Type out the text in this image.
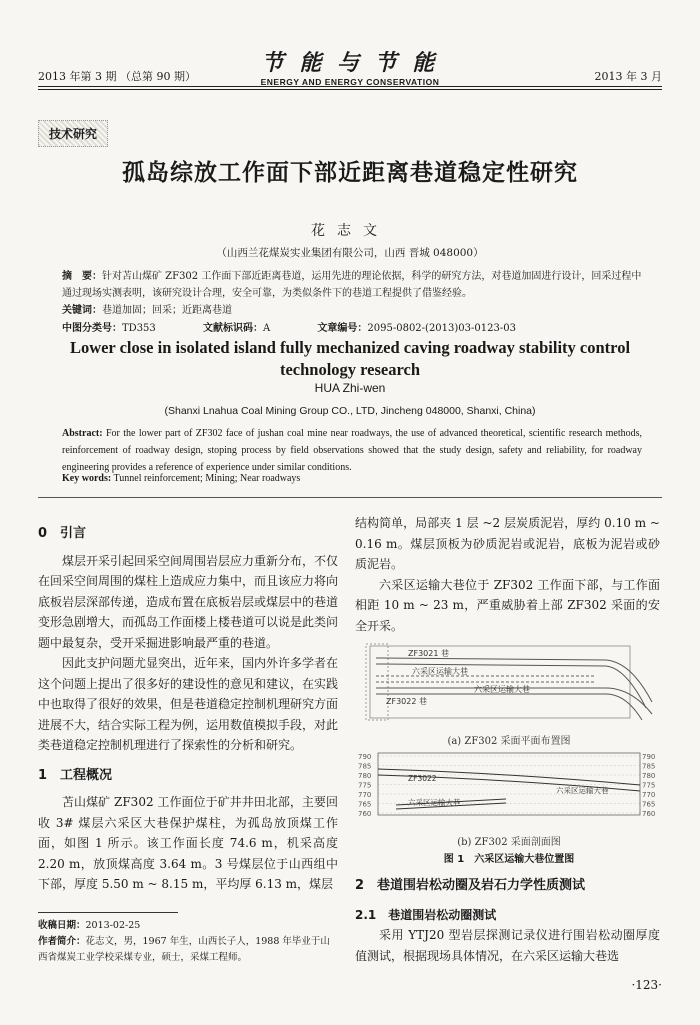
2013 年第 3 期 （总第 90 期）
节 能 与 节 能
ENERGY AND ENERGY CONSERVATION	2013 年 3 月
技术研究
孤岛综放工作面下部近距离巷道稳定性研究
花志文
（山西兰花煤炭实业集团有限公司，山西 晋城 048000）
摘　要：针对苫山煤矿 ZF302 工作面下部近距离巷道，运用先进的理论依据，科学的研究方法，对巷道加固进行设计，回采过程中通过现场实测表明，该研究设计合理，安全可靠，为类似条件下的巷道工程提供了借鉴经验。
关键词：巷道加固；回采；近距离巷道
中图分类号：TD353	文献标识码：A	文章编号：2095-0802-(2013)03-0123-03
Lower close in isolated island fully mechanized caving roadway stability control technology research
HUA Zhi-wen
(Shanxi Lnahua Coal Mining Group CO., LTD, Jincheng 048000, Shanxi, China)
Abstract: For the lower part of ZF302 face of jushan coal mine near roadways, the use of advanced theoretical, scientific research methods, reinforcement of roadway design, stoping process by field observations showed that the study design, safety and reliability, for roadway engineering provides a reference of experience under similar conditions.
Key words: Tunnel reinforcement; Mining; Near roadways
0　引言
煤层开采引起回采空间周围岩层应力重新分布，不仅在回采空间周围的煤柱上造成应力集中，而且该应力将向底板岩层深部传递，造成布置在底板岩层或煤层中的巷道变形急剧增大，而孤岛工作面楼上楼巷道可以说是此类问题中最复杂，受开采掘进影响最严重的巷道。
因此支护问题尤显突出，近年来，国内外许多学者在这个问题上提出了很多好的建设性的意见和建议，在实践中也取得了很好的效果，但是巷道稳定控制机理研究方面进展不大，结合实际工程为例，运用数值模拟手段，对此类巷道稳定控制机理进行了探索性的分析和研究。
1　工程概况
苫山煤矿 ZF302 工作面位于矿井井田北部，主要回收 3# 煤层六采区大巷保护煤柱，为孤岛放顶煤工作面，如图 1 所示。该工作面长度 74.6 m，机采高度 2.20 m，放顶煤高度 3.64 m。3 号煤层位于山西组中下部，厚度 5.50 m ~ 8.15 m，平均厚 6.13 m，煤层
结构简单，局部夹 1 层 ~2 层炭质泥岩，厚约 0.10 m ~ 0.16 m。煤层顶板为砂质泥岩或泥岩，底板为泥岩或砂质泥岩。
六采区运输大巷位于 ZF302 工作面下部，与工作面相距 10 m ~ 23 m，严重威胁着上部 ZF302 采面的安全开采。
ZF3021 巷
六采区运输大巷
ZF3022 巷
六采区运输大巷
(a) ZF302 采面平面布置图
790
785
780
775
770
765
760
790
785
780
775
770
765
760
ZF3022
六采区运输大巷
六采区运输大巷
(b) ZF302 采面剖面图
图 1　六采区运输大巷位置图
2　巷道围岩松动圈及岩石力学性质测试
2.1　巷道围岩松动圈测试
采用 YTJ20 型岩层探测记录仪进行围岩松动圈厚度值测试，根据现场具体情况，在六采区运输大巷选
收稿日期：2013-02-25
作者简介：花志文，男，1967 年生，山西长子人，1988 年毕业于山西省煤炭工业学校采煤专业，硕士，采煤工程师。
·123·
